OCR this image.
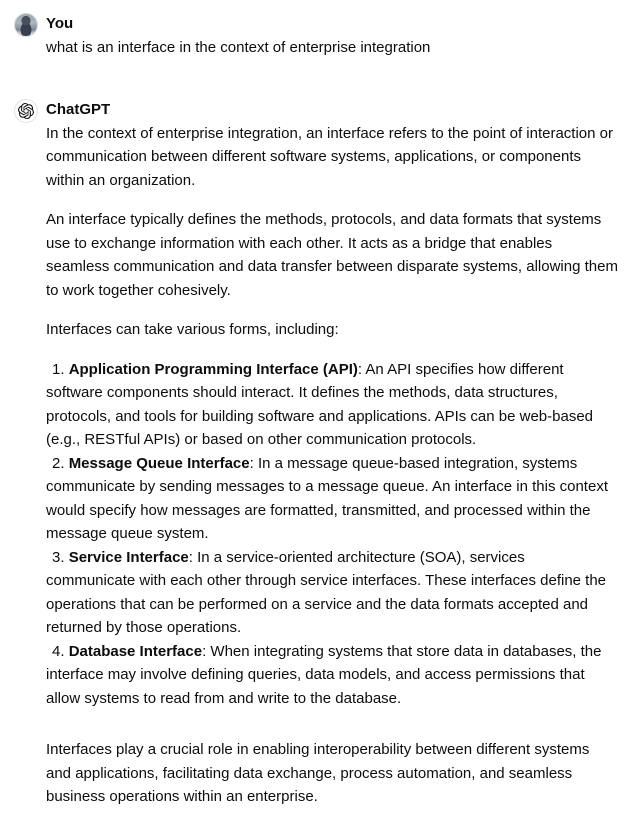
You
what is an interface in the context of enterprise integration
ChatGPT
In the context of enterprise integration, an interface refers to the point of interaction or communication between different software systems, applications, or components within an organization.
An interface typically defines the methods, protocols, and data formats that systems use to exchange information with each other. It acts as a bridge that enables seamless communication and data transfer between disparate systems, allowing them to work together cohesively.
Interfaces can take various forms, including:
1. Application Programming Interface (API): An API specifies how different software components should interact. It defines the methods, data structures, protocols, and tools for building software and applications. APIs can be web-based (e.g., RESTful APIs) or based on other communication protocols.
2. Message Queue Interface: In a message queue-based integration, systems communicate by sending messages to a message queue. An interface in this context would specify how messages are formatted, transmitted, and processed within the message queue system.
3. Service Interface: In a service-oriented architecture (SOA), services communicate with each other through service interfaces. These interfaces define the operations that can be performed on a service and the data formats accepted and returned by those operations.
4. Database Interface: When integrating systems that store data in databases, the interface may involve defining queries, data models, and access permissions that allow systems to read from and write to the database.
Interfaces play a crucial role in enabling interoperability between different systems and applications, facilitating data exchange, process automation, and seamless business operations within an enterprise.
